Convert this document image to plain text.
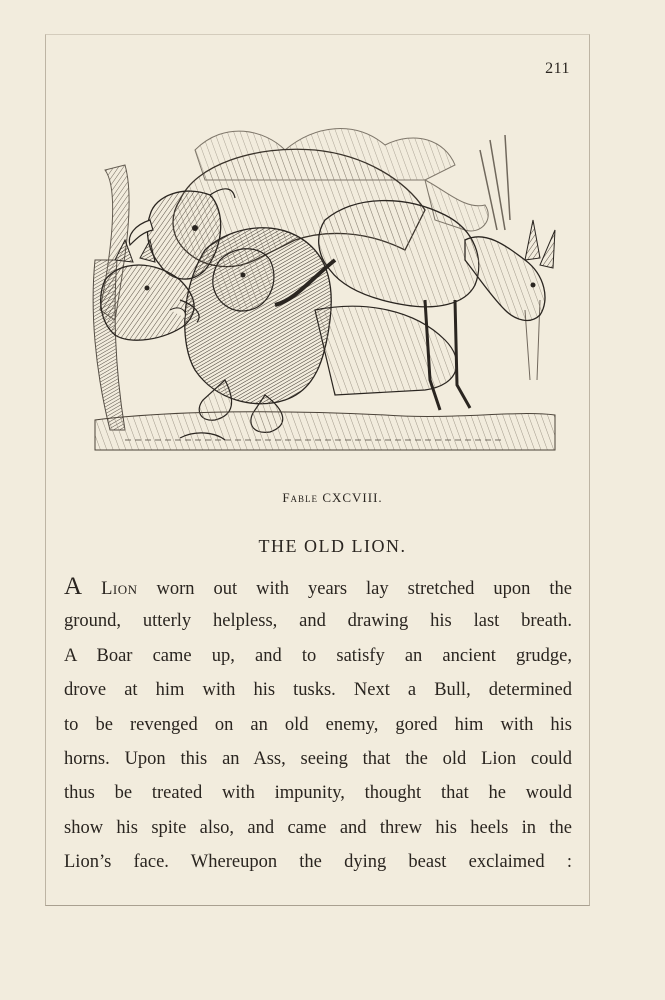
211
Fable CXCVIII.
THE OLD LION.
A Lion worn out with years lay stretched upon the
ground, utterly helpless, and drawing his last breath.
A Boar came up, and to satisfy an ancient grudge,
drove at him with his tusks. Next a Bull, determined
to be revenged on an old enemy, gored him with his
horns. Upon this an Ass, seeing that the old Lion could
thus be treated with impunity, thought that he would
show his spite also, and came and threw his heels in the
Lion’s face. Whereupon the dying beast exclaimed :
